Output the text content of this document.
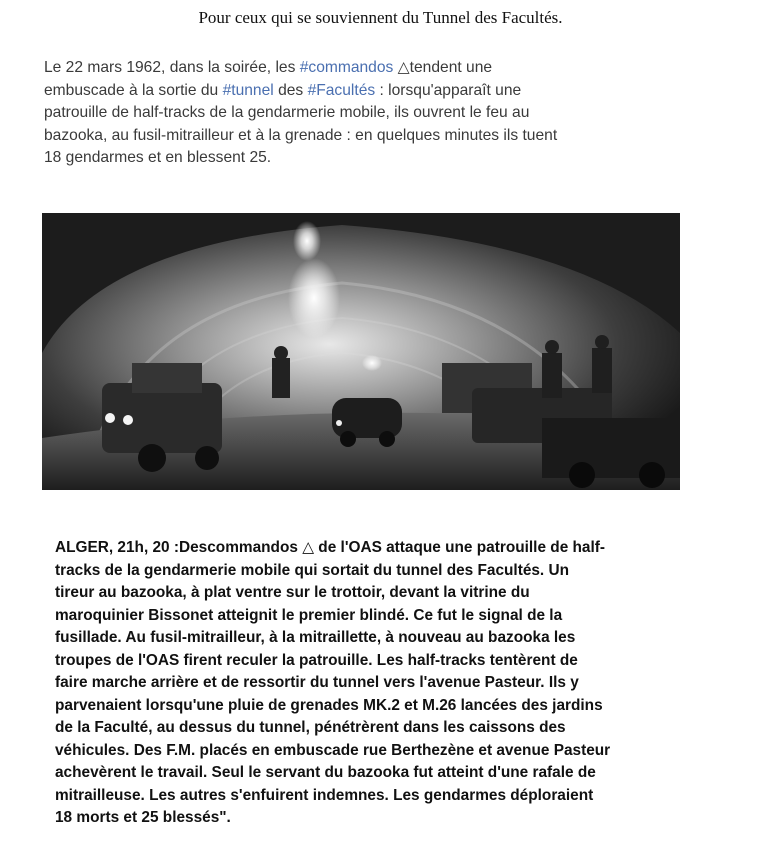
Pour ceux qui se souviennent du Tunnel des Facultés.

Le 22 mars 1962, dans la soirée, les #commandos △tendent une
embuscade à la sortie du #tunnel des #Facultés : lorsqu'apparaît une
patrouille de half-tracks de la gendarmerie mobile, ils ouvrent le feu au
bazooka, au fusil-mitrailleur et à la grenade : en quelques minutes ils tuent
18 gendarmes et en blessent 25.

ALGER, 21h, 20 :Descommandos △ de l'OAS attaque une patrouille de half-
tracks de la gendarmerie mobile qui sortait du tunnel des Facultés. Un
tireur au bazooka, à plat ventre sur le trottoir, devant la vitrine du
maroquinier Bissonet atteignit le premier blindé. Ce fut le signal de la
fusillade. Au fusil-mitrailleur, à la mitraillette, à nouveau au bazooka les
troupes de l'OAS firent reculer la patrouille. Les half-tracks tentèrent de
faire marche arrière et de ressortir du tunnel vers l'avenue Pasteur. Ils y
parvenaient lorsqu'une pluie de grenades MK.2 et M.26 lancées des jardins
de la Faculté, au dessus du tunnel, pénétrèrent dans les caissons des
véhicules. Des F.M. placés en embuscade rue Berthezène et avenue Pasteur
achevèrent le travail. Seul le servant du bazooka fut atteint d'une rafale de
mitrailleuse. Les autres s'enfuirent indemnes. Les gendarmes déploraient
18 morts et 25 blessés".
